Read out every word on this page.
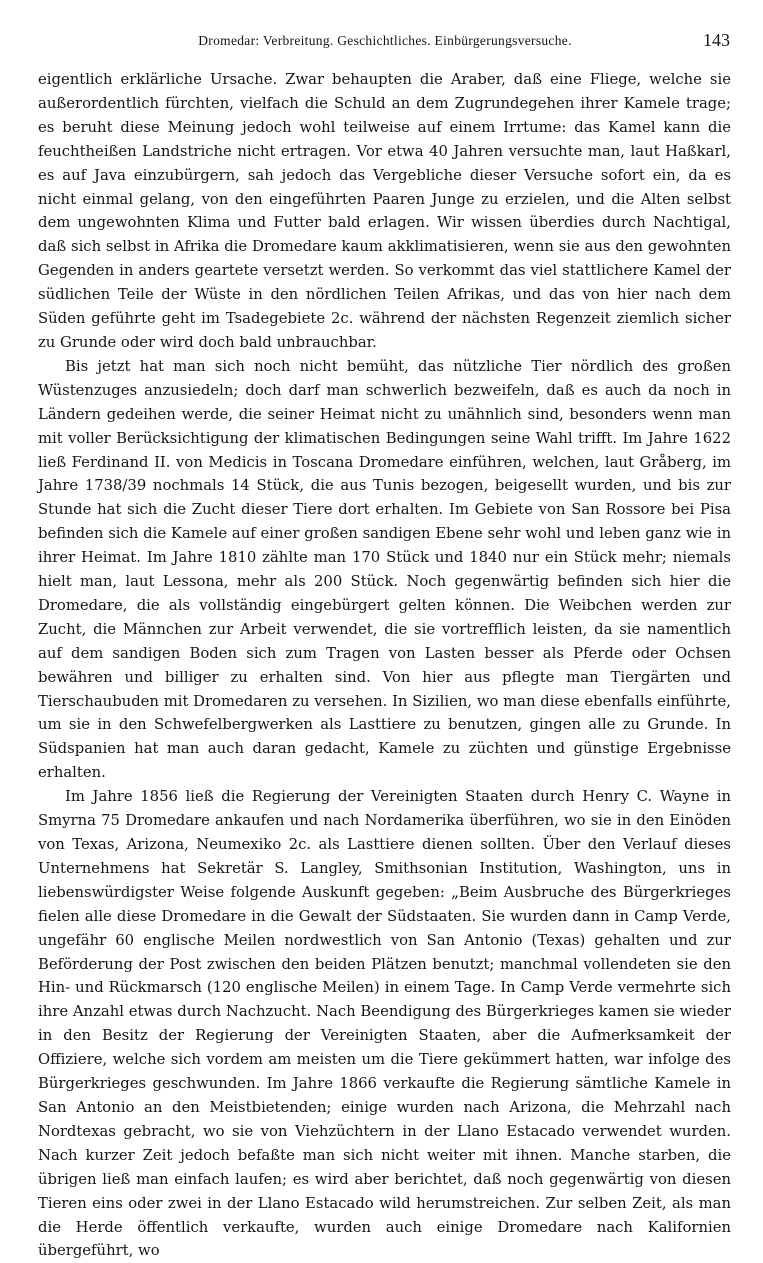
Dromedar: Verbreitung. Geschichtliches. Einbürgerungsversuche.	143

eigentlich erklärliche Ursache. Zwar behaupten die Araber, daß eine Fliege, welche sie außerordentlich fürchten, vielfach die Schuld an dem Zugrundegehen ihrer Kamele trage; es beruht diese Meinung jedoch wohl teilweise auf einem Irrtume: das Kamel kann die feuchtheißen Landstriche nicht ertragen. Vor etwa 40 Jahren versuchte man, laut Haßkarl, es auf Java einzubürgern, sah jedoch das Vergebliche dieser Versuche sofort ein, da es nicht einmal gelang, von den eingeführten Paaren Junge zu erzielen, und die Alten selbst dem ungewohnten Klima und Futter bald erlagen. Wir wissen überdies durch Nachtigal, daß sich selbst in Afrika die Dromedare kaum akklimatisieren, wenn sie aus den gewohnten Gegenden in anders geartete versetzt werden. So verkommt das viel stattlichere Kamel der südlichen Teile der Wüste in den nördlichen Teilen Afrikas, und das von hier nach dem Süden geführte geht im Tsadegebiete 2c. während der nächsten Regenzeit ziemlich sicher zu Grunde oder wird doch bald unbrauchbar.

Bis jetzt hat man sich noch nicht bemüht, das nützliche Tier nördlich des großen Wüstenzuges anzusiedeln; doch darf man schwerlich bezweifeln, daß es auch da noch in Ländern gedeihen werde, die seiner Heimat nicht zu unähnlich sind, besonders wenn man mit voller Berücksichtigung der klimatischen Bedingungen seine Wahl trifft. Im Jahre 1622 ließ Ferdinand II. von Medicis in Toscana Dromedare einführen, welchen, laut Gråberg, im Jahre 1738/39 nochmals 14 Stück, die aus Tunis bezogen, beigesellt wurden, und bis zur Stunde hat sich die Zucht dieser Tiere dort erhalten. Im Gebiete von San Rossore bei Pisa befinden sich die Kamele auf einer großen sandigen Ebene sehr wohl und leben ganz wie in ihrer Heimat. Im Jahre 1810 zählte man 170 Stück und 1840 nur ein Stück mehr; niemals hielt man, laut Lessona, mehr als 200 Stück. Noch gegenwärtig befinden sich hier die Dromedare, die als vollständig eingebürgert gelten können. Die Weibchen werden zur Zucht, die Männchen zur Arbeit verwendet, die sie vortrefflich leisten, da sie namentlich auf dem sandigen Boden sich zum Tragen von Lasten besser als Pferde oder Ochsen bewähren und billiger zu erhalten sind. Von hier aus pflegte man Tiergärten und Tierschaubuden mit Dromedaren zu versehen. In Sizilien, wo man diese ebenfalls einführte, um sie in den Schwefelbergwerken als Lasttiere zu benutzen, gingen alle zu Grunde. In Südspanien hat man auch daran gedacht, Kamele zu züchten und günstige Ergebnisse erhalten.

Im Jahre 1856 ließ die Regierung der Vereinigten Staaten durch Henry C. Wayne in Smyrna 75 Dromedare ankaufen und nach Nordamerika überführen, wo sie in den Einöden von Texas, Arizona, Neumexiko 2c. als Lasttiere dienen sollten. Über den Verlauf dieses Unternehmens hat Sekretär S. Langley, Smithsonian Institution, Washington, uns in liebenswürdigster Weise folgende Auskunft gegeben: „Beim Ausbruche des Bürgerkrieges fielen alle diese Dromedare in die Gewalt der Südstaaten. Sie wurden dann in Camp Verde, ungefähr 60 englische Meilen nordwestlich von San Antonio (Texas) gehalten und zur Beförderung der Post zwischen den beiden Plätzen benutzt; manchmal vollendeten sie den Hin- und Rückmarsch (120 englische Meilen) in einem Tage. In Camp Verde vermehrte sich ihre Anzahl etwas durch Nachzucht. Nach Beendigung des Bürgerkrieges kamen sie wieder in den Besitz der Regierung der Vereinigten Staaten, aber die Aufmerksamkeit der Offiziere, welche sich vordem am meisten um die Tiere gekümmert hatten, war infolge des Bürgerkrieges geschwunden. Im Jahre 1866 verkaufte die Regierung sämtliche Kamele in San Antonio an den Meistbietenden; einige wurden nach Arizona, die Mehrzahl nach Nordtexas gebracht, wo sie von Viehzüchtern in der Llano Estacado verwendet wurden. Nach kurzer Zeit jedoch befaßte man sich nicht weiter mit ihnen. Manche starben, die übrigen ließ man einfach laufen; es wird aber berichtet, daß noch gegenwärtig von diesen Tieren eins oder zwei in der Llano Estacado wild herumstreichen. Zur selben Zeit, als man die Herde öffentlich verkaufte, wurden auch einige Dromedare nach Kalifornien übergeführt, wo
